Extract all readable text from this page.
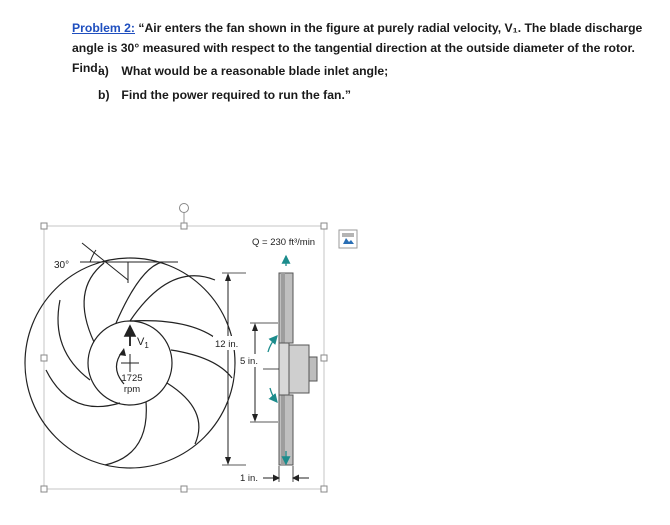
Problem 2: “Air enters the fan shown in the figure at purely radial velocity, V₁. The blade discharge
angle is 30° measured with respect to the tangential direction at the outside diameter of the rotor. Find:
a) What would be a reasonable blade inlet angle;
b) Find the power required to run the fan.”
30°
$V_1$
1725
rpm
Q = 230 ft³/min
12 in.
5 in.
1 in.
